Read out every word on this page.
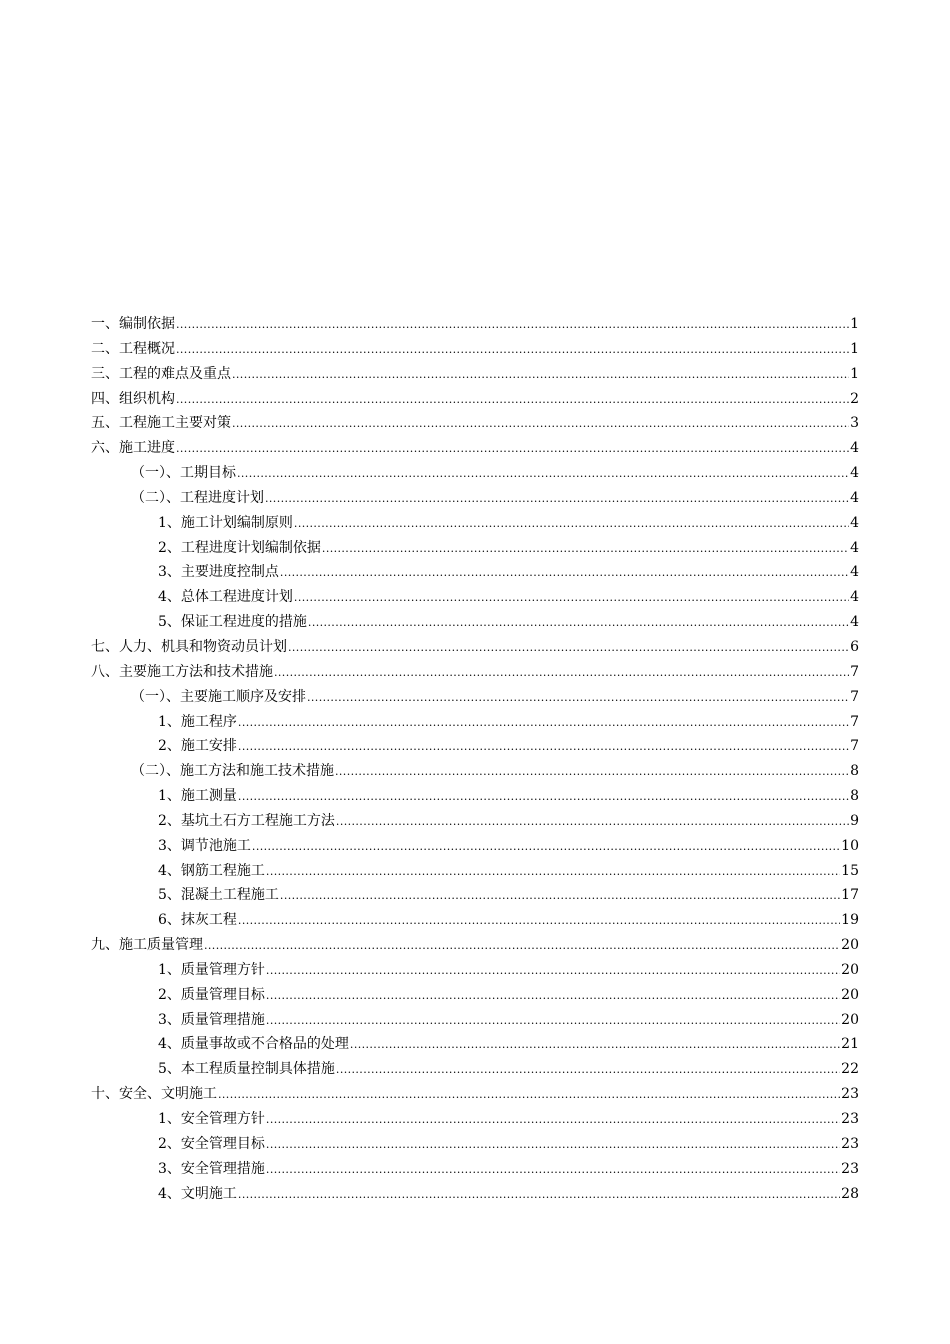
一、编制依据 .....	1
二、工程概况 .....	1
三、工程的难点及重点 .....	1
四、组织机构 .....	2
五、工程施工主要对策 .....	3
六、施工进度 .....	4
（一）、工期目标 .....	4
（二）、工程进度计划 .....	4
1、施工计划编制原则 .....	4
2、工程进度计划编制依据 .....	4
3、主要进度控制点 .....	4
4、总体工程进度计划 .....	4
5、保证工程进度的措施 .....	4
七、人力、机具和物资动员计划 .....	6
八、主要施工方法和技术措施 .....	7
（一）、主要施工顺序及安排 .....	7
1、施工程序 .....	7
2、施工安排 .....	7
（二）、施工方法和施工技术措施 .....	8
1、施工测量 .....	8
2、基坑土石方工程施工方法 .....	9
3、调节池施工 .....	10
4、钢筋工程施工 .....	15
5、混凝土工程施工 .....	17
6、抹灰工程 .....	19
九、施工质量管理 .....	20
1、质量管理方针 .....	20
2、质量管理目标 .....	20
3、质量管理措施 .....	20
4、质量事故或不合格品的处理 .....	21
5、本工程质量控制具体措施 .....	22
十、安全、文明施工 .....	23
1、安全管理方针 .....	23
2、安全管理目标 .....	23
3、安全管理措施 .....	23
4、文明施工 .....	28
